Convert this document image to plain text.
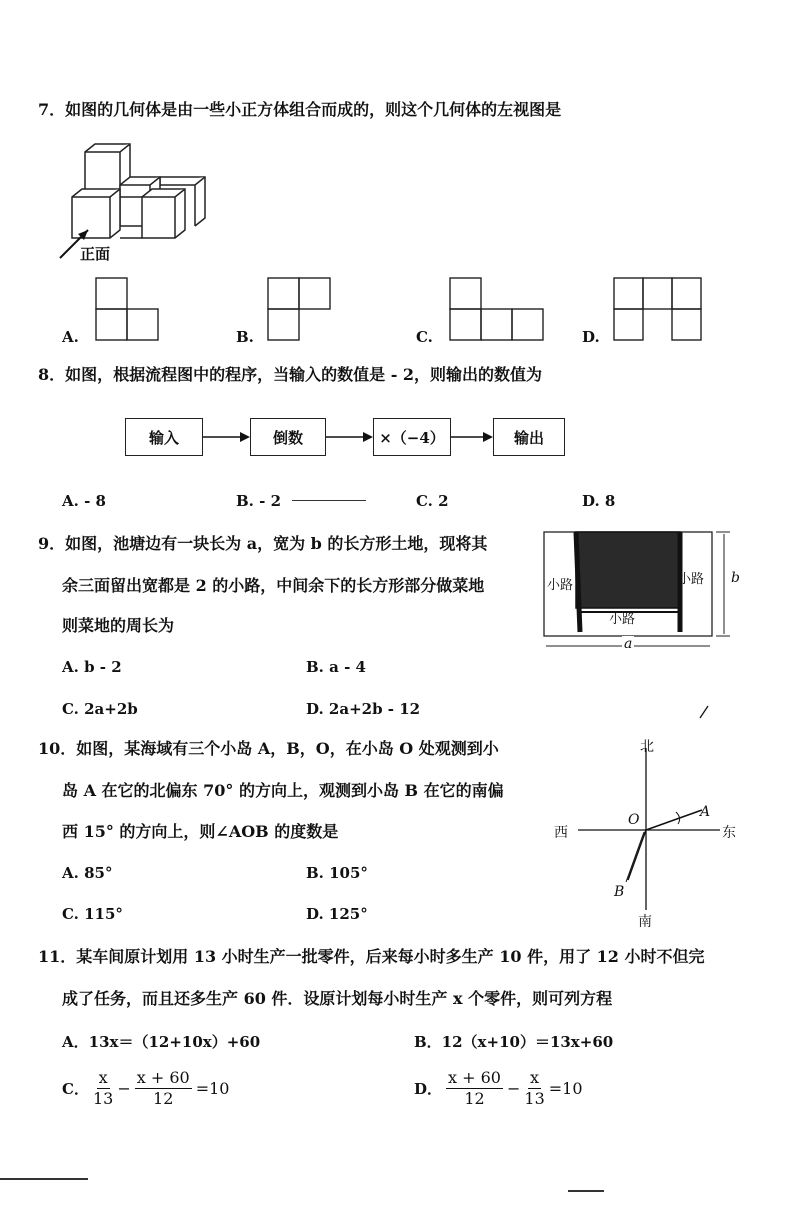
7．如图的几何体是由一些小正方体组合而成的，则这个几何体的左视图是
正面
A.	B.	C.	D.
8．如图，根据流程图中的程序，当输入的数值是 - 2，则输出的数值为
输入	倒数	×（−4）	输出
A. - 8	B. - 2	C. 2	D. 8
9．如图，池塘边有一块长为 a，宽为 b 的长方形土地，现将其
余三面留出宽都是 2 的小路，中间余下的长方形部分做菜地
则菜地的周长为
A. b - 2	B. a - 4
C. 2a+2b	D. 2a+2b - 12
小路	小路
小路
b
a
10．如图，某海域有三个小岛 A，B，O，在小岛 O 处观测到小
岛 A 在它的北偏东 70° 的方向上，观测到小岛 B 在它的南偏
西 15° 的方向上，则∠AOB 的度数是
A. 85°	B. 105°
C. 115°	D. 125°
北
南
西	东
O	A
B
11．某车间原计划用 13 小时生产一批零件，后来每小时多生产 10 件，用了 12 小时不但完
成了任务，而且还多生产 60 件．设原计划每小时生产 x 个零件，则可列方程
A．13x＝（12+10x）+60	B．12（x+10）＝13x+60
C． $\frac{x}{13} - \frac{x + 60}{12} =10$	D． $\frac{x + 60}{12} - \frac{x}{13} =10$
